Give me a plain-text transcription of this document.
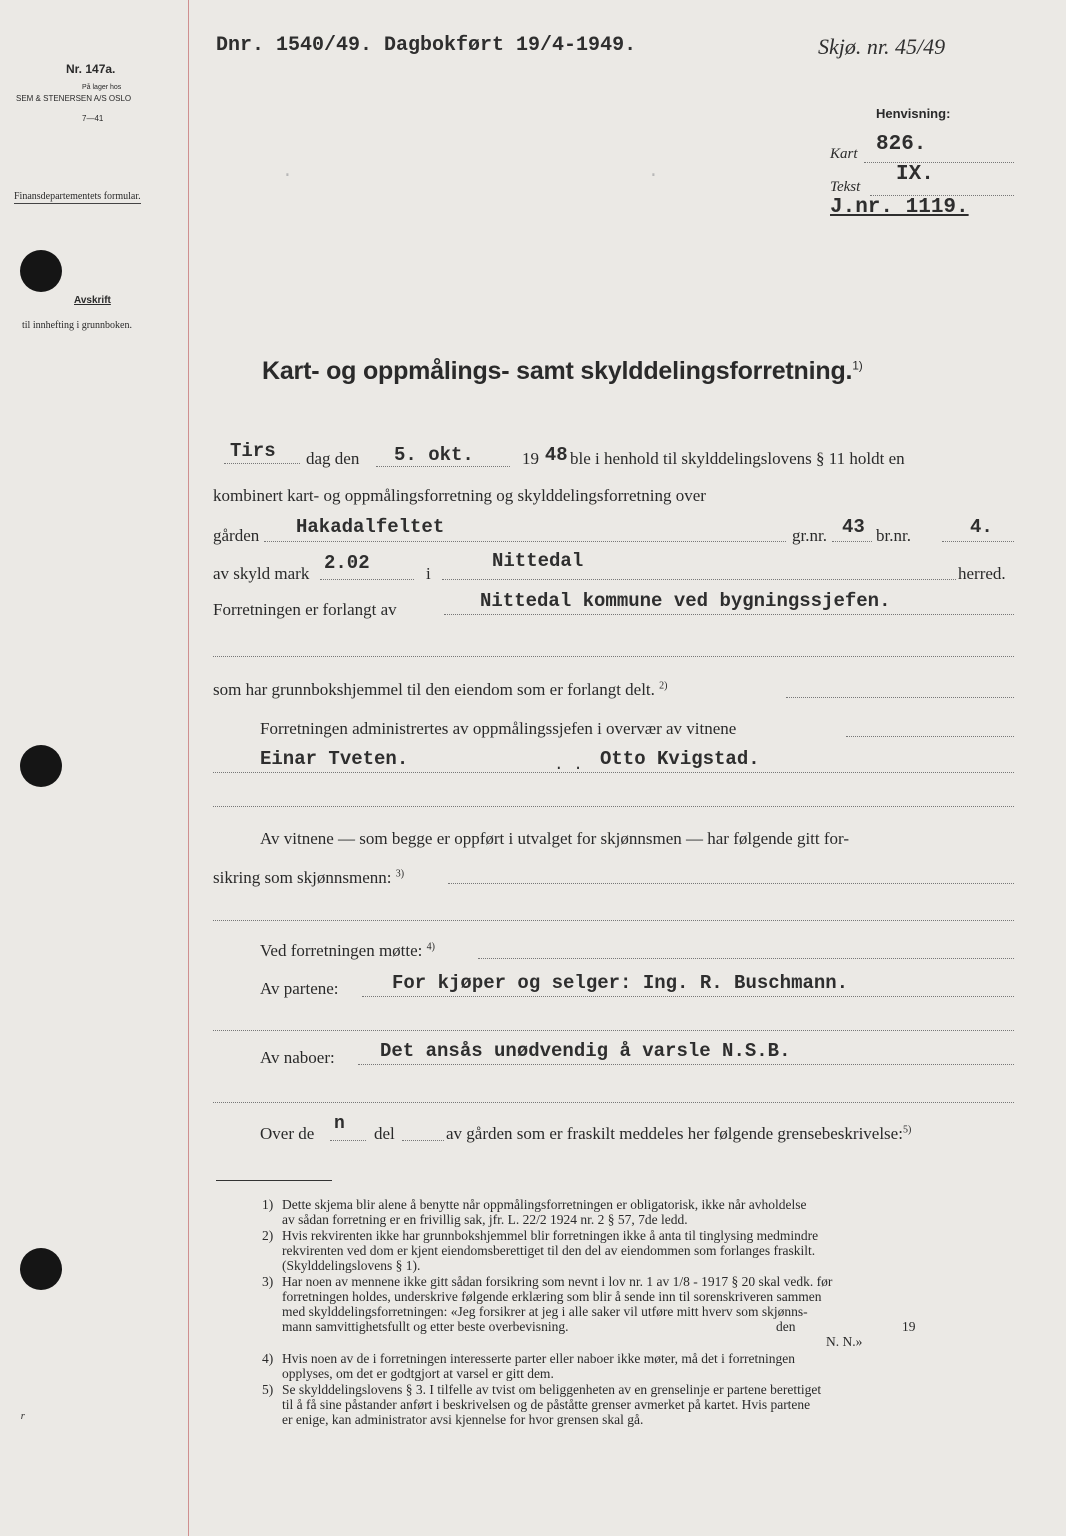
Nr. 147a.
På lager hos
SEM & STENERSEN A/S OSLO
7—41
Finansdepartementets formular.
Avskrift
til innhefting i grunnboken.
ʳ
Dnr. 1540/49. Dagbokført 19/4-1949.	Skjø. nr. 45/49
Henvisning:
Kart 826.
Tekst
IX.
J.nr. 1119.
·	·
Kart- og oppmålings- samt skylddelingsforretning.$^{1)}$
Tirs dag den 5. okt.	19 48 ble i henhold til skylddelingslovens § 11 holdt en
kombinert kart- og oppmålingsforretning og skylddelingsforretning over
gården Hakadalfeltet	gr.nr. 43 br.nr.	4.
av skyld mark 2.02	i
Nittedal
herred.
Forretningen er forlangt av	Nittedal kommune ved bygningssjefen.
som har grunnbokshjemmel til den eiendom som er forlangt delt. $^{2)}$
Forretningen administrertes av oppmålingssjefen i overvær av vitnene
Einar Tveten.	. . Otto Kvigstad.
Av vitnene — som begge er oppført i utvalget for skjønnsmen — har følgende gitt for-
sikring som skjønnsmenn: $^{3)}$
Ved forretningen møtte: $^{4)}$
Av partene:	For kjøper og selger: Ing. R. Buschmann.
Av naboer: Det ansås unødvendig å varsle N.S.B.
Over de n del	av gården som er fraskilt meddeles her følgende grensebeskrivelse:$^{5)}$
1) Dette skjema blir alene å benytte når oppmålingsforretningen er obligatorisk, ikke når avholdelse
av sådan forretning er en frivillig sak, jfr. L. 22/2 1924 nr. 2 § 57, 7de ledd.
2) Hvis rekvirenten ikke har grunnbokshjemmel blir forretningen ikke å anta til tinglysing medmindre
rekvirenten ved dom er kjent eiendomsberettiget til den del av eiendommen som forlanges fraskilt.
(Skylddelingslovens § 1).
3) Har noen av mennene ikke gitt sådan forsikring som nevnt i lov nr. 1 av 1/8 - 1917 § 20 skal vedk. før
forretningen holdes, underskrive følgende erklæring som blir å sende inn til sorenskriveren sammen
med skylddelingsforretningen: «Jeg forsikrer at jeg i alle saker vil utføre mitt hverv som skjønns-
mann samvittighetsfullt og etter beste overbevisning.	den	19
N. N.»
4) Hvis noen av de i forretningen interesserte parter eller naboer ikke møter, må det i forretningen
opplyses, om det er godtgjort at varsel er gitt dem.
5) Se skylddelingslovens § 3. I tilfelle av tvist om beliggenheten av en grenselinje er partene berettiget
til å få sine påstander anført i beskrivelsen og de påståtte grenser avmerket på kartet. Hvis partene
er enige, kan administrator avsi kjennelse for hvor grensen skal gå.
